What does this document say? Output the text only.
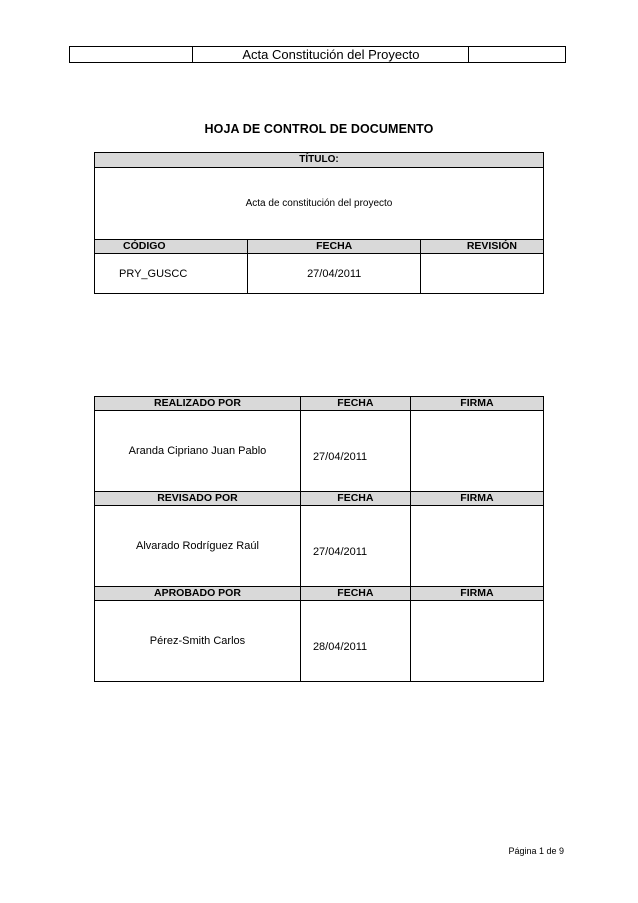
	Acta Constitución del Proyecto	
HOJA DE CONTROL DE DOCUMENTO
TÍTULO:		
Acta de constitución del proyecto		
CÓDIGO	FECHA	REVISIÓN
PRY_GUSCC	27/04/2011	
REALIZADO POR	FECHA	FIRMA
Aranda Cipriano Juan Pablo	27/04/2011	
REVISADO POR	FECHA	FIRMA
Alvarado Rodríguez Raúl	27/04/2011	
APROBADO POR	FECHA	FIRMA
Pérez-Smith Carlos	28/04/2011	
Página 1 de 9
